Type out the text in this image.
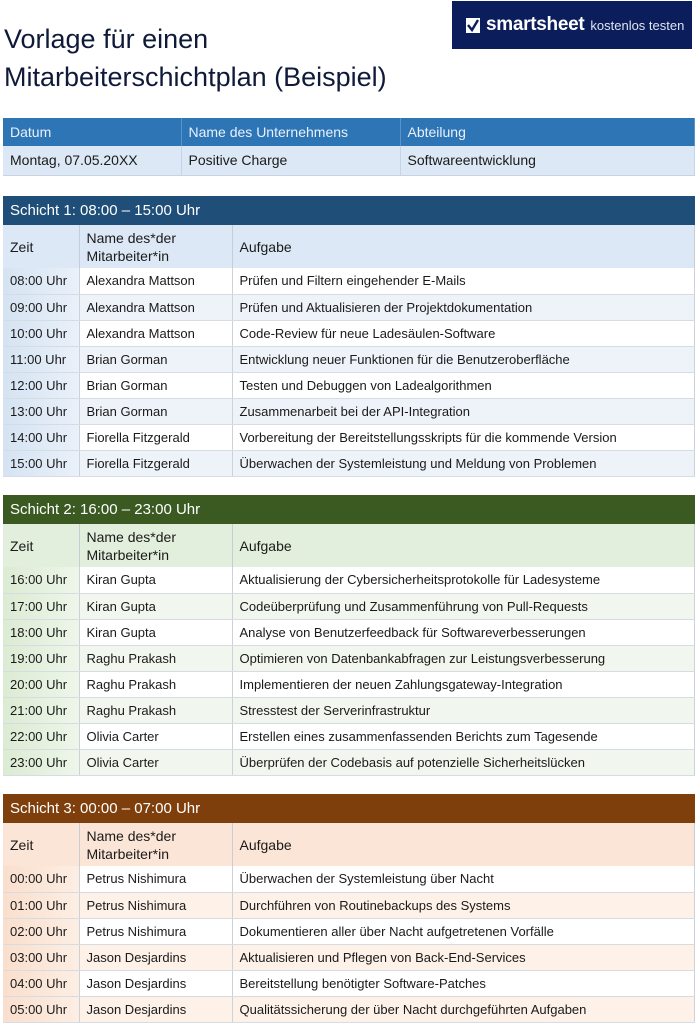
Vorlage für einen Mitarbeiterschichtplan (Beispiel)
smartsheet kostenlos testen
Datum	Name des Unternehmens	Abteilung
Montag, 07.05.20XX	Positive Charge	Softwareentwicklung
Schicht 1: 08:00 – 15:00 Uhr		
Zeit	Name des*der Mitarbeiter*in	Aufgabe
08:00 Uhr	Alexandra Mattson	Prüfen und Filtern eingehender E-Mails
09:00 Uhr	Alexandra Mattson	Prüfen und Aktualisieren der Projektdokumentation
10:00 Uhr	Alexandra Mattson	Code-Review für neue Ladesäulen-Software
11:00 Uhr	Brian Gorman	Entwicklung neuer Funktionen für die Benutzeroberfläche
12:00 Uhr	Brian Gorman	Testen und Debuggen von Ladealgorithmen
13:00 Uhr	Brian Gorman	Zusammenarbeit bei der API-Integration
14:00 Uhr	Fiorella Fitzgerald	Vorbereitung der Bereitstellungsskripts für die kommende Version
15:00 Uhr	Fiorella Fitzgerald	Überwachen der Systemleistung und Meldung von Problemen
Schicht 2: 16:00 – 23:00 Uhr		
Zeit	Name des*der Mitarbeiter*in	Aufgabe
16:00 Uhr	Kiran Gupta	Aktualisierung der Cybersicherheitsprotokolle für Ladesysteme
17:00 Uhr	Kiran Gupta	Codeüberprüfung und Zusammenführung von Pull-Requests
18:00 Uhr	Kiran Gupta	Analyse von Benutzerfeedback für Softwareverbesserungen
19:00 Uhr	Raghu Prakash	Optimieren von Datenbankabfragen zur Leistungsverbesserung
20:00 Uhr	Raghu Prakash	Implementieren der neuen Zahlungsgateway-Integration
21:00 Uhr	Raghu Prakash	Stresstest der Serverinfrastruktur
22:00 Uhr	Olivia Carter	Erstellen eines zusammenfassenden Berichts zum Tagesende
23:00 Uhr	Olivia Carter	Überprüfen der Codebasis auf potenzielle Sicherheitslücken
Schicht 3: 00:00 – 07:00 Uhr		
Zeit	Name des*der Mitarbeiter*in	Aufgabe
00:00 Uhr	Petrus Nishimura	Überwachen der Systemleistung über Nacht
01:00 Uhr	Petrus Nishimura	Durchführen von Routinebackups des Systems
02:00 Uhr	Petrus Nishimura	Dokumentieren aller über Nacht aufgetretenen Vorfälle
03:00 Uhr	Jason Desjardins	Aktualisieren und Pflegen von Back-End-Services
04:00 Uhr	Jason Desjardins	Bereitstellung benötigter Software-Patches
05:00 Uhr	Jason Desjardins	Qualitätssicherung der über Nacht durchgeführten Aufgaben
